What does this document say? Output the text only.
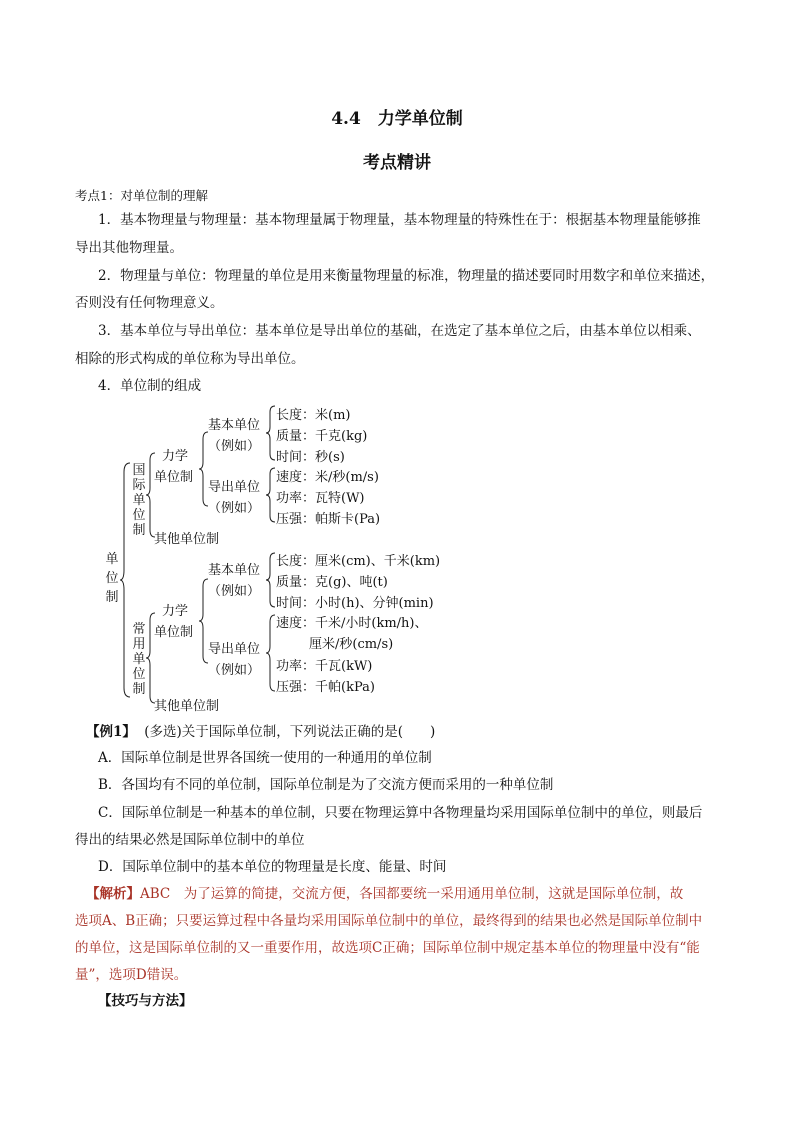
4.4　力学单位制
考点精讲
考点1：对单位制的理解
1．基本物理量与物理量：基本物理量属于物理量，基本物理量的特殊性在于：根据基本物理量能够推
导出其他物理量。
2．物理量与单位：物理量的单位是用来衡量物理量的标准，物理量的描述要同时用数字和单位来描述，
否则没有任何物理意义。
3．基本单位与导出单位：基本单位是导出单位的基础，在选定了基本单位之后，由基本单位以相乘、
相除的形式构成的单位称为导出单位。
4．单位制的组成
单
位
制
国
际
单
位
制
力学
单位制
其他单位制
基本单位
（例如）
导出单位
（例如）
长度：米(m)
质量：千克(kg)
时间：秒(s)
速度：米/秒(m/s)
功率：瓦特(W)
压强：帕斯卡(Pa)
常
用
单
位
制
力学
单位制
其他单位制
基本单位
（例如）
导出单位
（例如）
长度：厘米(cm)、千米(km)
质量：克(g)、吨(t)
时间：小时(h)、分钟(min)
速度：千米/小时(km/h)、
厘米/秒(cm/s)
功率：千瓦(kW)
压强：千帕(kPa)
【例1】 (多选)关于国际单位制，下列说法正确的是(　　)
A．国际单位制是世界各国统一使用的一种通用的单位制
B．各国均有不同的单位制，国际单位制是为了交流方便而采用的一种单位制
C．国际单位制是一种基本的单位制，只要在物理运算中各物理量均采用国际单位制中的单位，则最后
得出的结果必然是国际单位制中的单位
D．国际单位制中的基本单位的物理量是长度、能量、时间
【解析】ABC　为了运算的简捷，交流方便，各国都要统一采用通用单位制，这就是国际单位制，故
选项A、B正确；只要运算过程中各量均采用国际单位制中的单位，最终得到的结果也必然是国际单位制中
的单位，这是国际单位制的又一重要作用，故选项C正确；国际单位制中规定基本单位的物理量中没有“能
量”，选项D错误。
【技巧与方法】
